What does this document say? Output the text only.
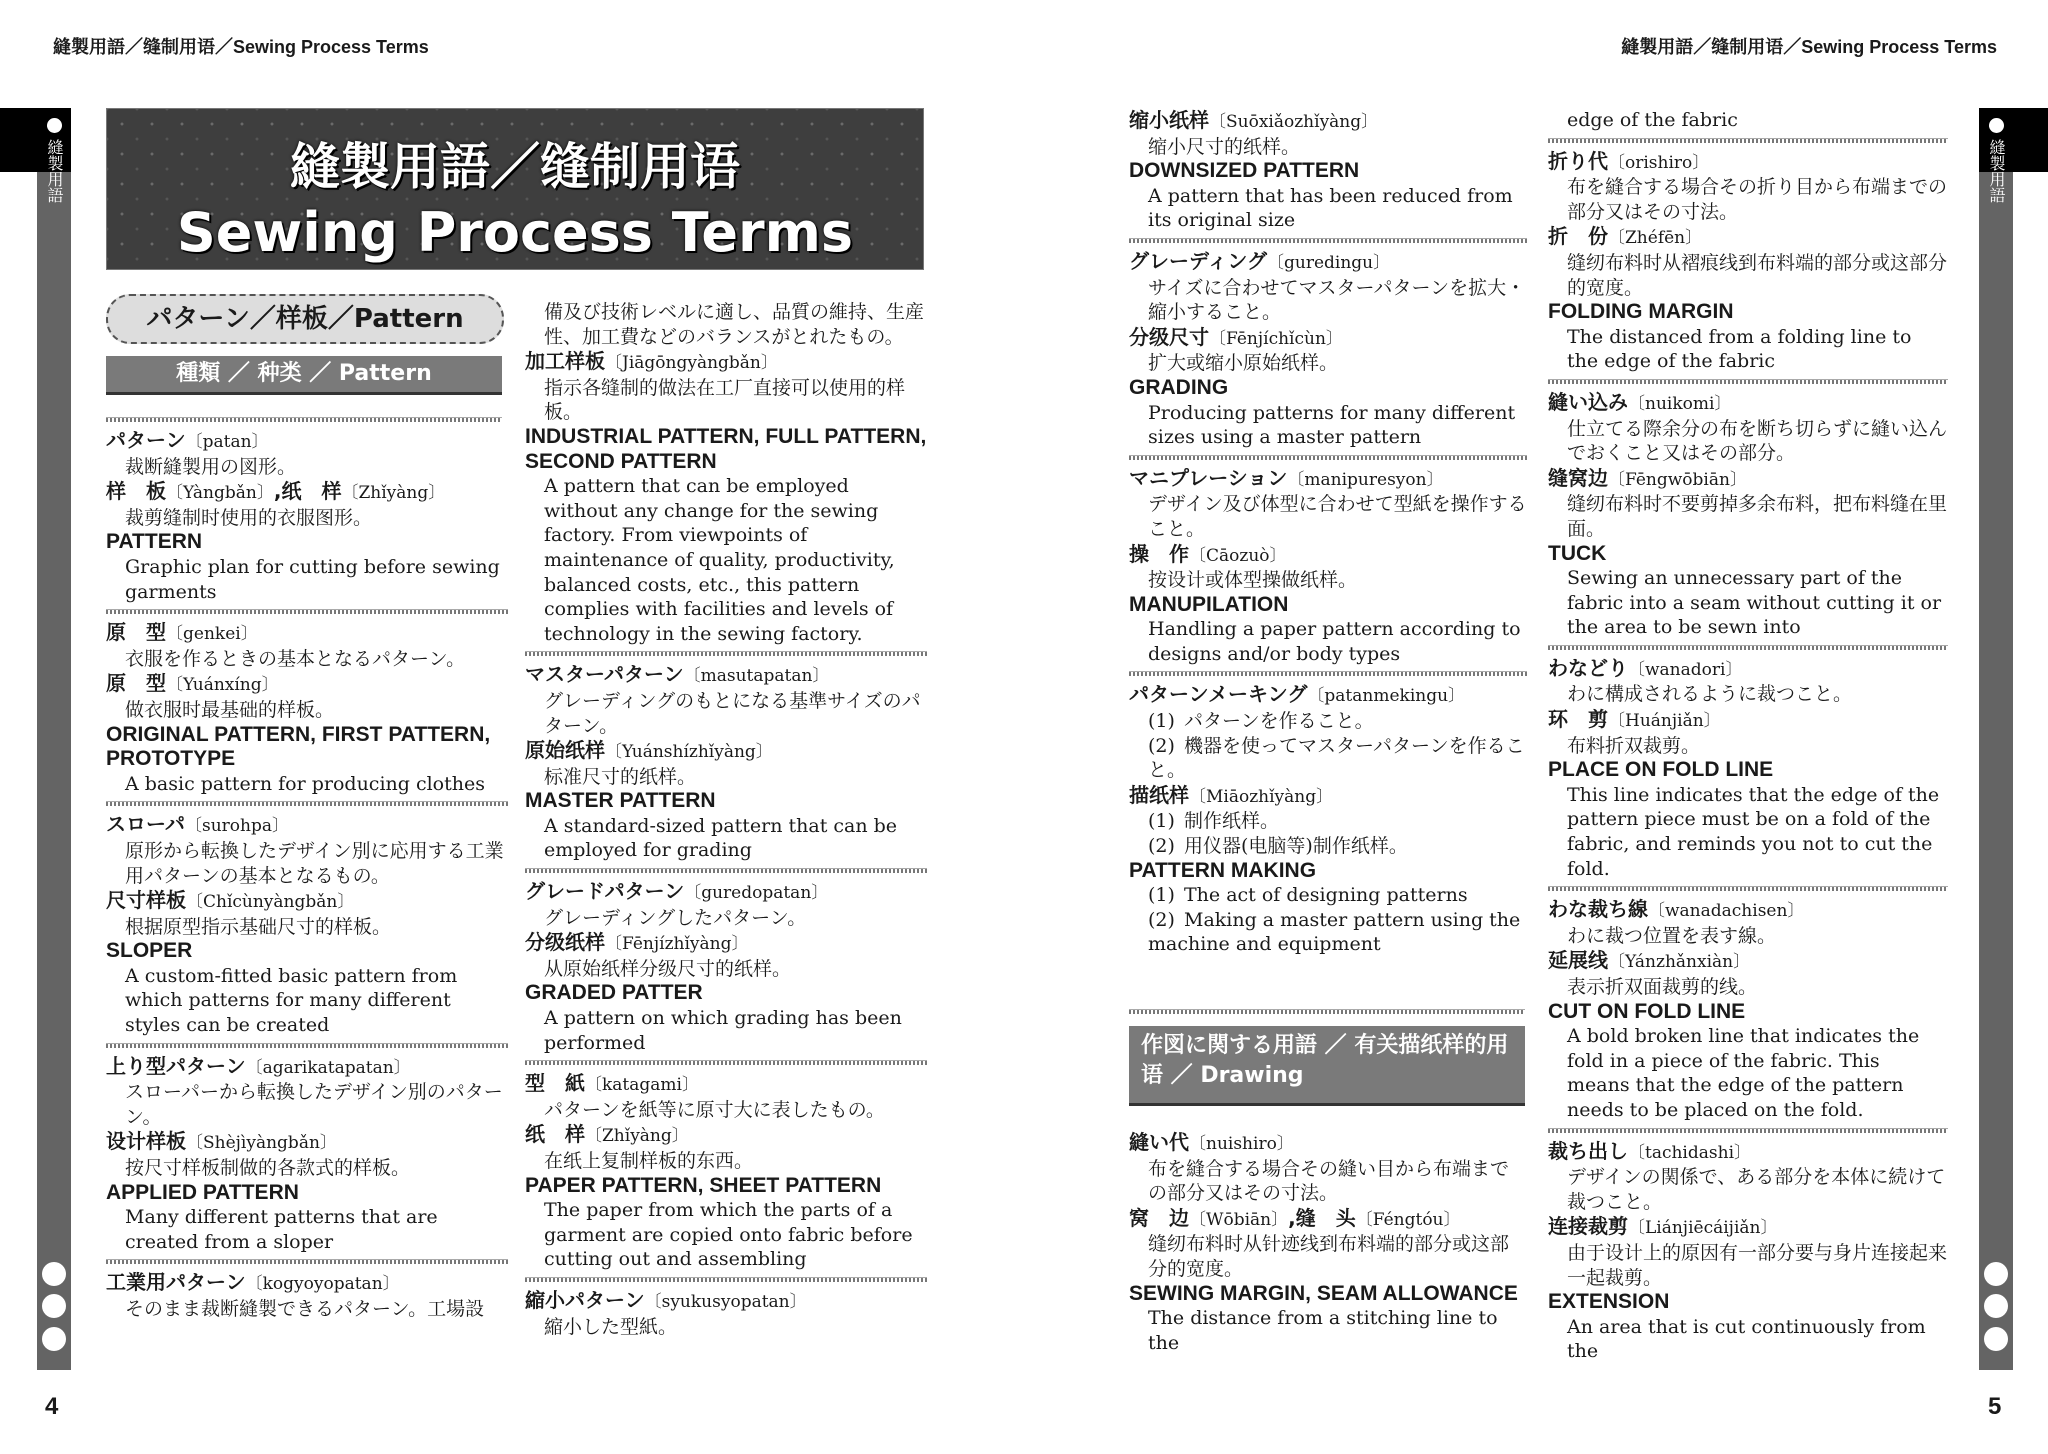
縫製用語／缝制用语／Sewing Process Terms	縫製用語／缝制用语／Sewing Process Terms
縫製用語	縫製用語
4	5
縫製用語／缝制用语
Sewing Process Terms
パターン／样板／Pattern
種類 ／ 种类 ／ Pattern
パターン〔patan〕
裁断縫製用の図形。
样　板〔Yàngbǎn〕,纸　样〔Zhǐyàng〕
裁剪缝制时使用的衣服图形。
PATTERN
Graphic plan for cutting before sewing garments
原　型〔genkei〕
衣服を作るときの基本となるパターン。
原　型〔Yuánxíng〕
做衣服时最基础的样板。
ORIGINAL PATTERN, FIRST PATTERN, PROTOTYPE
A basic pattern for producing clothes
スローパ〔surohpa〕
原形から転換したデザイン別に応用する工業用パターンの基本となるもの。
尺寸样板〔Chǐcùnyàngbǎn〕
根据原型指示基础尺寸的样板。
SLOPER
A custom-fitted basic pattern from which patterns for many different styles can be created
上り型パターン〔agarikatapatan〕
スローパーから転換したデザイン別のパターン。
设计样板〔Shèjìyàngbǎn〕
按尺寸样板制做的各款式的样板。
APPLIED PATTERN
Many different patterns that are created from a sloper
工業用パターン〔kogyoyopatan〕
そのまま裁断縫製できるパターン。工場設
備及び技術レベルに適し、品質の維持、生産性、加工費などのバランスがとれたもの。
加工样板〔Jiāgōngyàngbǎn〕
指示各缝制的做法在工厂直接可以使用的样板。
INDUSTRIAL PATTERN, FULL PATTERN, SECOND PATTERN
A pattern that can be employed without any change for the sewing factory. From viewpoints of maintenance of quality, productivity, balanced costs, etc., this pattern complies with facilities and levels of technology in the sewing factory.
マスターパターン〔masutapatan〕
グレーディングのもとになる基準サイズのパターン。
原始纸样〔Yuánshízhǐyàng〕
标准尺寸的纸样。
MASTER PATTERN
A standard-sized pattern that can be employed for grading
グレードパターン〔guredopatan〕
グレーディングしたパターン。
分级纸样〔Fēnjízhǐyàng〕
从原始纸样分级尺寸的纸样。
GRADED PATTER
A pattern on which grading has been performed
型　紙〔katagami〕
パターンを紙等に原寸大に表したもの。
纸　样〔Zhǐyàng〕
在纸上复制样板的东西。
PAPER PATTERN, SHEET PATTERN
The paper from which the parts of a garment are copied onto fabric before cutting out and assembling
縮小パターン〔syukusyopatan〕
縮小した型紙。
缩小纸样〔Suōxiǎozhǐyàng〕
缩小尺寸的纸样。
DOWNSIZED PATTERN
A pattern that has been reduced from its original size
グレーディング〔guredingu〕
サイズに合わせてマスターパターンを拡大・縮小すること。
分级尺寸〔Fēnjíchǐcùn〕
扩大或缩小原始纸样。
GRADING
Producing patterns for many different sizes using a master pattern
マニプレーション〔manipuresyon〕
デザイン及び体型に合わせて型紙を操作すること。
操　作〔Cāozuò〕
按设计或体型操做纸样。
MANUPILATION
Handling a paper pattern according to designs and/or body types
パターンメーキング〔patanmekingu〕
(1) パターンを作ること。
(2) 機器を使ってマスターパターンを作ること。
描纸样〔Miāozhǐyàng〕
(1) 制作纸样。
(2) 用仪器(电脑等)制作纸样。
PATTERN MAKING
(1) The act of designing patterns
(2) Making a master pattern using the machine and equipment
作図に関する用語 ／ 有关描纸样的用语 ／ Drawing
縫い代〔nuishiro〕
布を縫合する場合その縫い目から布端までの部分又はその寸法。
窝　边〔Wōbiān〕,缝　头〔Féngtóu〕
缝纫布料时从针迹线到布料端的部分或这部分的宽度。
SEWING MARGIN, SEAM ALLOWANCE
The distance from a stitching line to the
edge of the fabric
折り代〔orishiro〕
布を縫合する場合その折り目から布端までの部分又はその寸法。
折　份〔Zhéfēn〕
缝纫布料时从褶痕线到布料端的部分或这部分的宽度。
FOLDING MARGIN
The distanced from a folding line to the edge of the fabric
縫い込み〔nuikomi〕
仕立てる際余分の布を断ち切らずに縫い込んでおくこと又はその部分。
缝窝边〔Fēngwōbiān〕
缝纫布料时不要剪掉多余布料，把布料缝在里面。
TUCK
Sewing an unnecessary part of the fabric into a seam without cutting it or the area to be sewn into
わなどり〔wanadori〕
わに構成されるように裁つこと。
环　剪〔Huánjiǎn〕
布料折双裁剪。
PLACE ON FOLD LINE
This line indicates that the edge of the pattern piece must be on a fold of the fabric, and reminds you not to cut the fold.
わな裁ち線〔wanadachisen〕
わに裁つ位置を表す線。
延展线〔Yánzhǎnxiàn〕
表示折双面裁剪的线。
CUT ON FOLD LINE
A bold broken line that indicates the fold in a piece of the fabric. This means that the edge of the pattern needs to be placed on the fold.
裁ち出し〔tachidashi〕
デザインの関係で、ある部分を本体に続けて裁つこと。
连接裁剪〔Liánjiēcáijiǎn〕
由于设计上的原因有一部分要与身片连接起来一起裁剪。
EXTENSION
An area that is cut continuously from the
